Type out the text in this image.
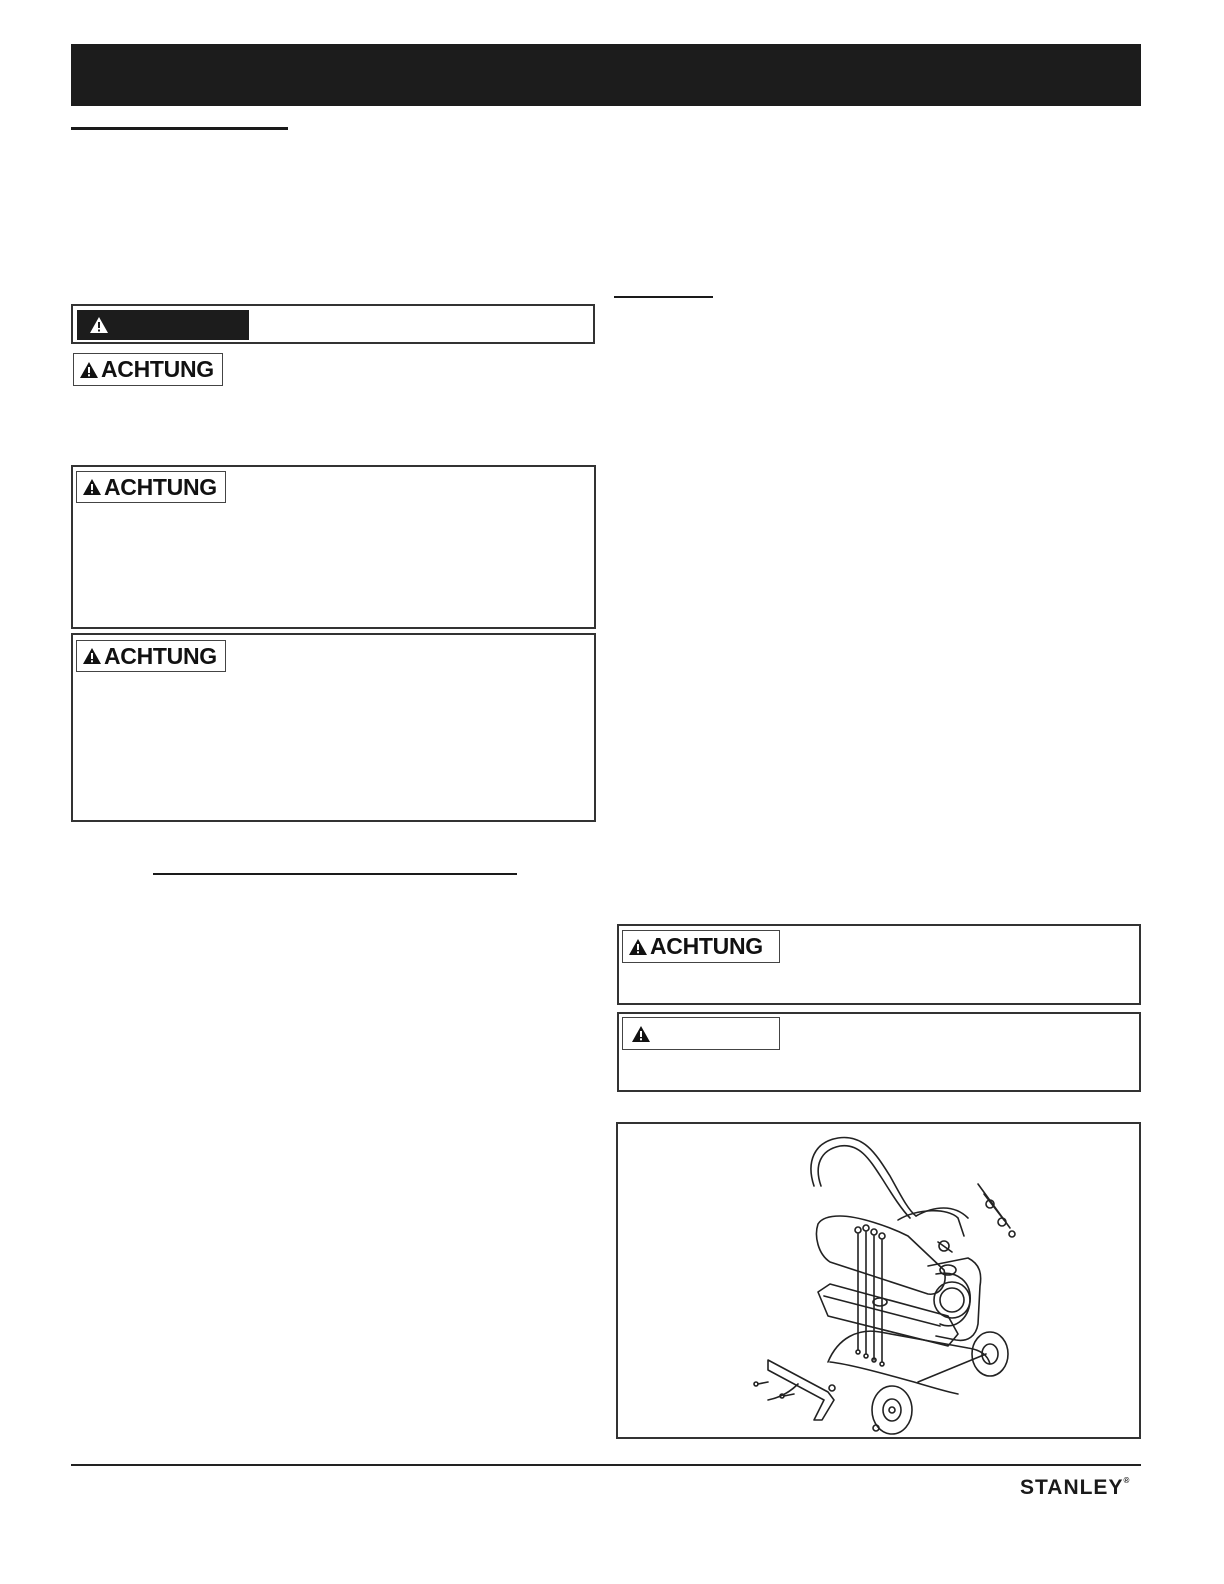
ACHTUNG
ACHTUNG
ACHTUNG
ACHTUNG
STANLEY®
